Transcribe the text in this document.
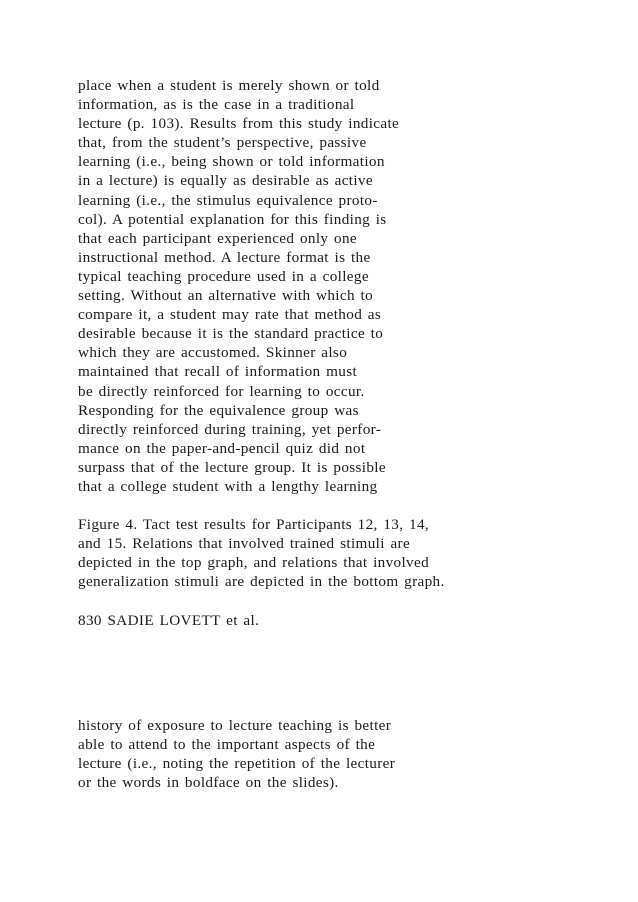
place when a student is merely shown or told
information, as is the case in a traditional
lecture (p. 103). Results from this study indicate
that, from the student’s perspective, passive
learning (i.e., being shown or told information
in a lecture) is equally as desirable as active
learning (i.e., the stimulus equivalence proto-
col). A potential explanation for this finding is
that each participant experienced only one
instructional method. A lecture format is the
typical teaching procedure used in a college
setting. Without an alternative with which to
compare it, a student may rate that method as
desirable because it is the standard practice to
which they are accustomed. Skinner also
maintained that recall of information must
be directly reinforced for learning to occur.
Responding for the equivalence group was
directly reinforced during training, yet perfor-
mance on the paper-and-pencil quiz did not
surpass that of the lecture group. It is possible
that a college student with a lengthy learning
Figure 4. Tact test results for Participants 12, 13, 14,
and 15. Relations that involved trained stimuli are
depicted in the top graph, and relations that involved
generalization stimuli are depicted in the bottom graph.
830 SADIE LOVETT et al.
history of exposure to lecture teaching is better
able to attend to the important aspects of the
lecture (i.e., noting the repetition of the lecturer
or the words in boldface on the slides).
